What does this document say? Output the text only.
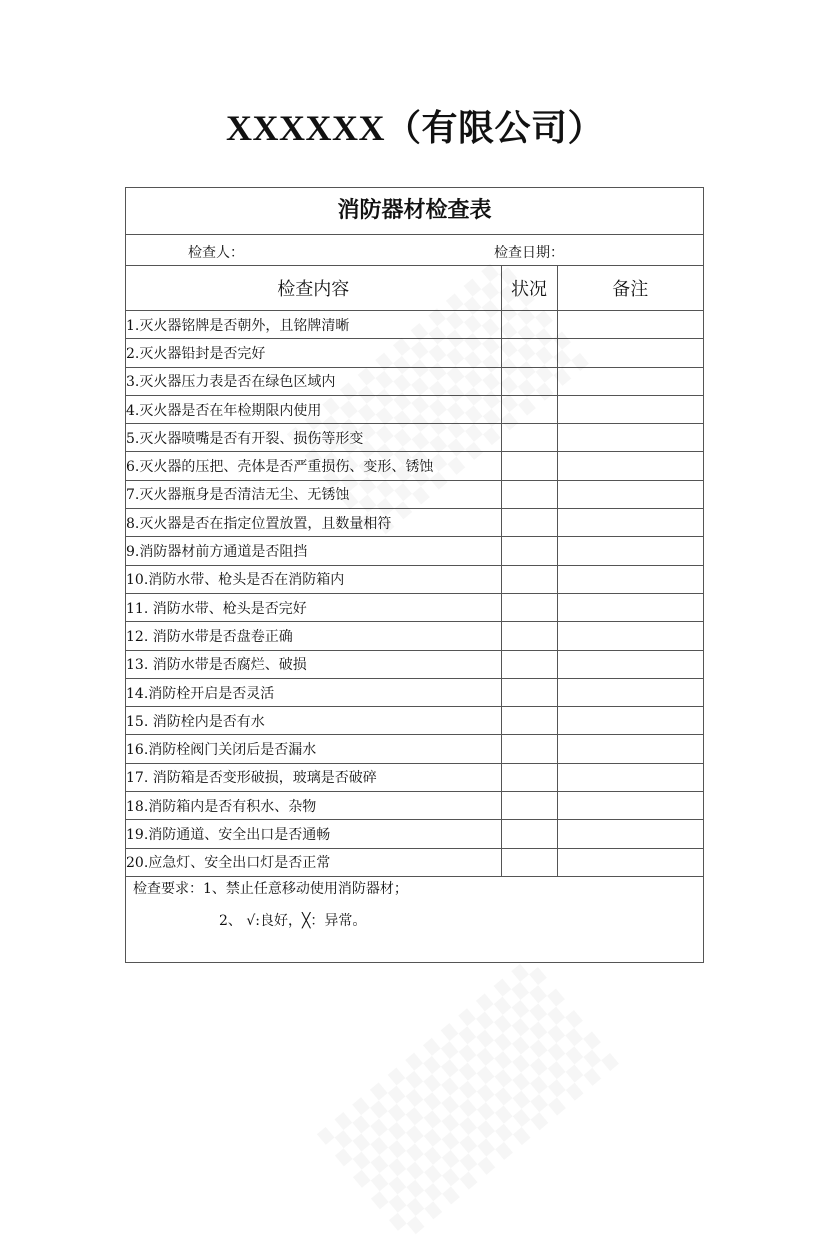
XXXXXX（有限公司）
消防器材检查表
检查人：	检查日期：
检查内容	状况	备注
1.灭火器铭牌是否朝外，且铭牌清晰		
2.灭火器铅封是否完好		
3.灭火器压力表是否在绿色区域内		
4.灭火器是否在年检期限内使用		
5.灭火器喷嘴是否有开裂、损伤等形变		
6.灭火器的压把、壳体是否严重损伤、变形、锈蚀		
7.灭火器瓶身是否清洁无尘、无锈蚀		
8.灭火器是否在指定位置放置，且数量相符		
9.消防器材前方通道是否阻挡		
10.消防水带、枪头是否在消防箱内		
11. 消防水带、枪头是否完好		
12. 消防水带是否盘卷正确		
13. 消防水带是否腐烂、破损		
14.消防栓开启是否灵活		
15. 消防栓内是否有水		
16.消防栓阀门关闭后是否漏水		
17. 消防箱是否变形破损，玻璃是否破碎		
18.消防箱内是否有积水、杂物		
19.消防通道、安全出口是否通畅		
20.应急灯、安全出口灯是否正常		
检查要求：1、禁止任意移动使用消防器材；
2、 √:良好，╳：异常。
